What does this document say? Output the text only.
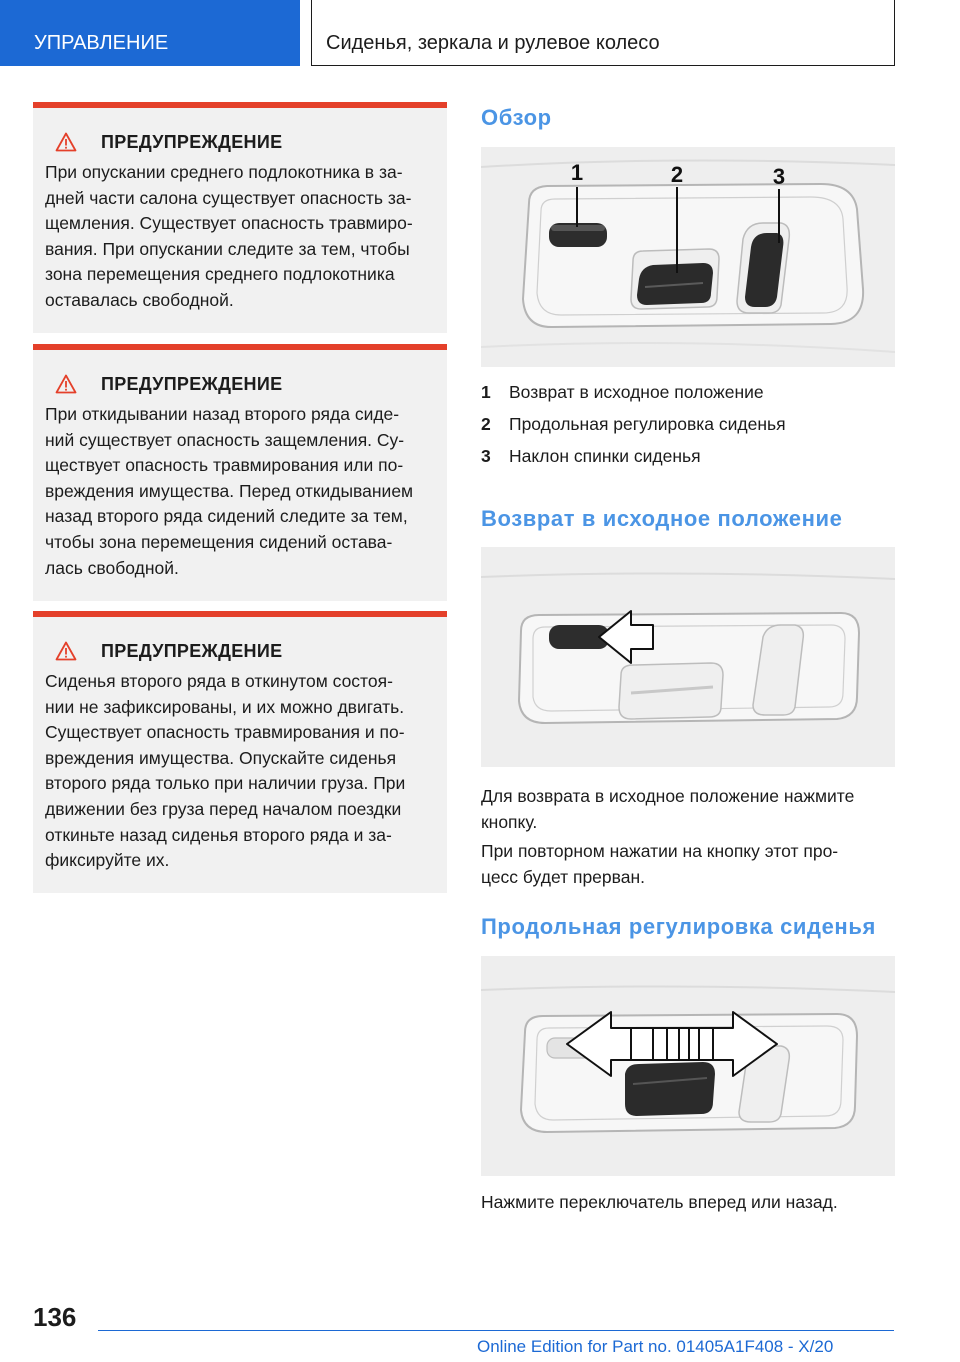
УПРАВЛЕНИЕ	Сиденья, зеркала и рулевое колесо
ПРЕДУПРЕЖДЕНИЕ
При опускании среднего подлокотника в за-
дней части салона существует опасность за-
щемления. Существует опасность травмиро-
вания. При опускании следите за тем, чтобы
зона перемещения среднего подлокотника
оставалась свободной.
ПРЕДУПРЕЖДЕНИЕ
При откидывании назад второго ряда сиде-
ний существует опасность защемления. Су-
ществует опасность травмирования или по-
вреждения имущества. Перед откидыванием
назад второго ряда сидений следите за тем,
чтобы зона перемещения сидений остава-
лась свободной.
ПРЕДУПРЕЖДЕНИЕ
Сиденья второго ряда в откинутом состоя-
нии не зафиксированы, и их можно двигать.
Существует опасность травмирования и по-
вреждения имущества. Опускайте сиденья
второго ряда только при наличии груза. При
движении без груза перед началом поездки
откиньте назад сиденья второго ряда и за-
фиксируйте их.
Обзор
1	2	3
1 Возврат в исходное положение
2 Продольная регулировка сиденья
3 Наклон спинки сиденья
Возврат в исходное положение
Для возврата в исходное положение нажмите
кнопку.
При повторном нажатии на кнопку этот про-
цесс будет прерван.
Продольная регулировка сиденья
Нажмите переключатель вперед или назад.
136
Online Edition for Part no. 01405A1F408 - X/20
